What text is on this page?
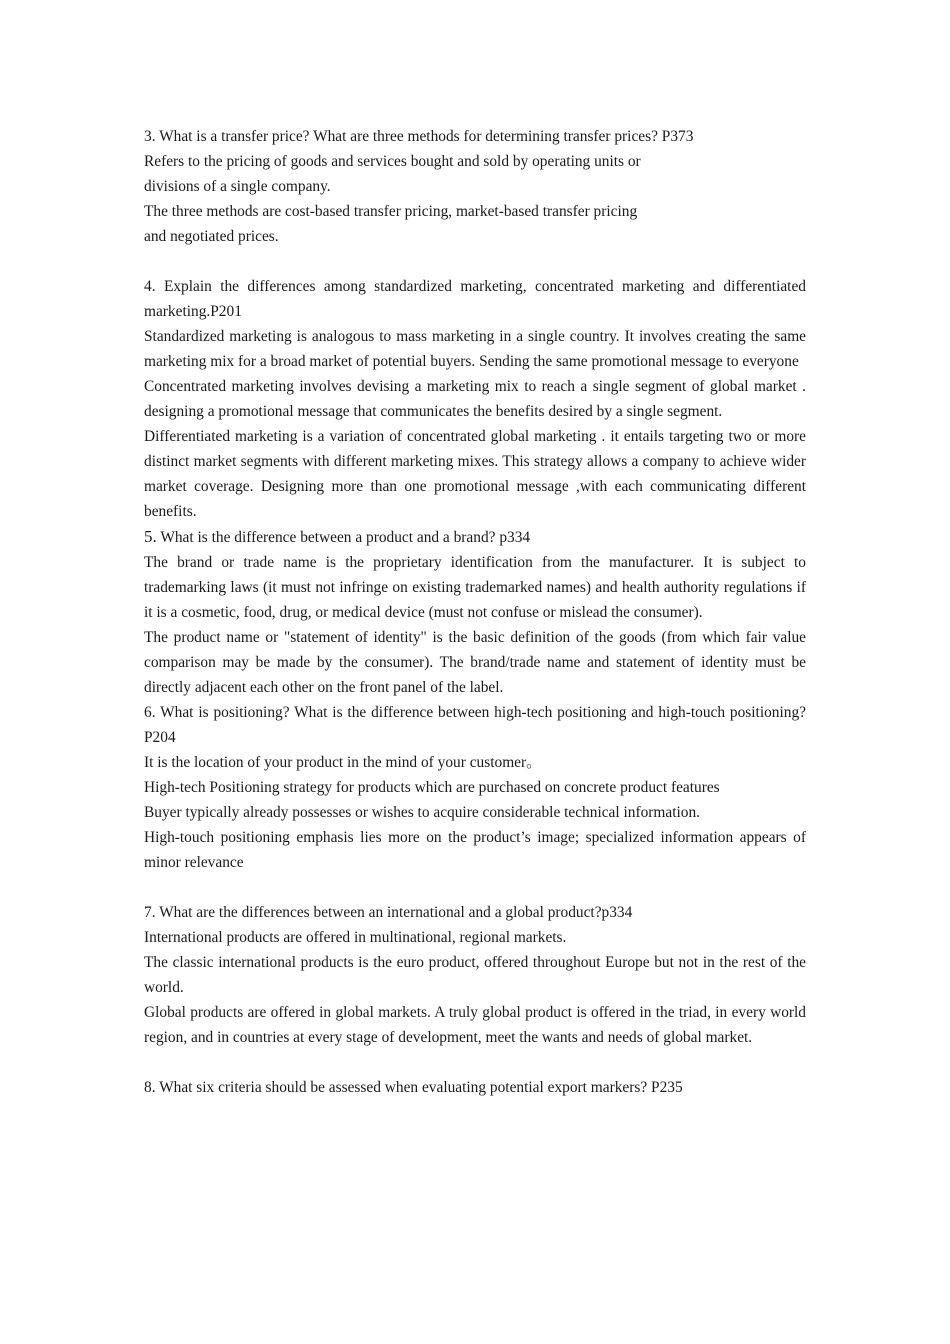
3. What is a transfer price? What are three methods for determining transfer prices? P373
Refers to the pricing of goods and services bought and sold by operating units or
divisions of a single company.
The three methods are cost-based transfer pricing, market-based transfer pricing
and negotiated prices.
4. Explain the differences among standardized marketing, concentrated marketing and differentiated marketing.P201
Standardized marketing is analogous to mass marketing in a single country. It involves creating the same marketing mix for a broad market of potential buyers. Sending the same promotional message to everyone
Concentrated marketing involves devising a marketing mix to reach a single segment of global market . designing a promotional message that communicates the benefits desired by a single segment.
Differentiated marketing is a variation of concentrated global marketing . it entails targeting two or more distinct market segments with different marketing mixes. This strategy allows a company to achieve wider market coverage. Designing more than one promotional message ,with each communicating different benefits.
5. What is the difference between a product and a brand? p334
The brand or trade name is the proprietary identification from the manufacturer. It is subject to trademarking laws (it must not infringe on existing trademarked names) and health authority regulations if it is a cosmetic, food, drug, or medical device (must not confuse or mislead the consumer).
The product name or "statement of identity" is the basic definition of the goods (from which fair value comparison may be made by the consumer). The brand/trade name and statement of identity must be directly adjacent each other on the front panel of the label.
6. What is positioning? What is the difference between high-tech positioning and high-touch positioning?P204
It is the location of your product in the mind of your customer。
High-tech Positioning strategy for products which are purchased on concrete product features
Buyer typically already possesses or wishes to acquire considerable technical information.
High-touch positioning emphasis lies more on the product’s image; specialized information appears of minor relevance
7. What are the differences between an international and a global product?p334
International products are offered in multinational, regional markets.
The classic international products is the euro product, offered throughout Europe but not in the rest of the world.
Global products are offered in global markets. A truly global product is offered in the triad, in every world region, and in countries at every stage of development, meet the wants and needs of global market.
8. What six criteria should be assessed when evaluating potential export markers? P235
